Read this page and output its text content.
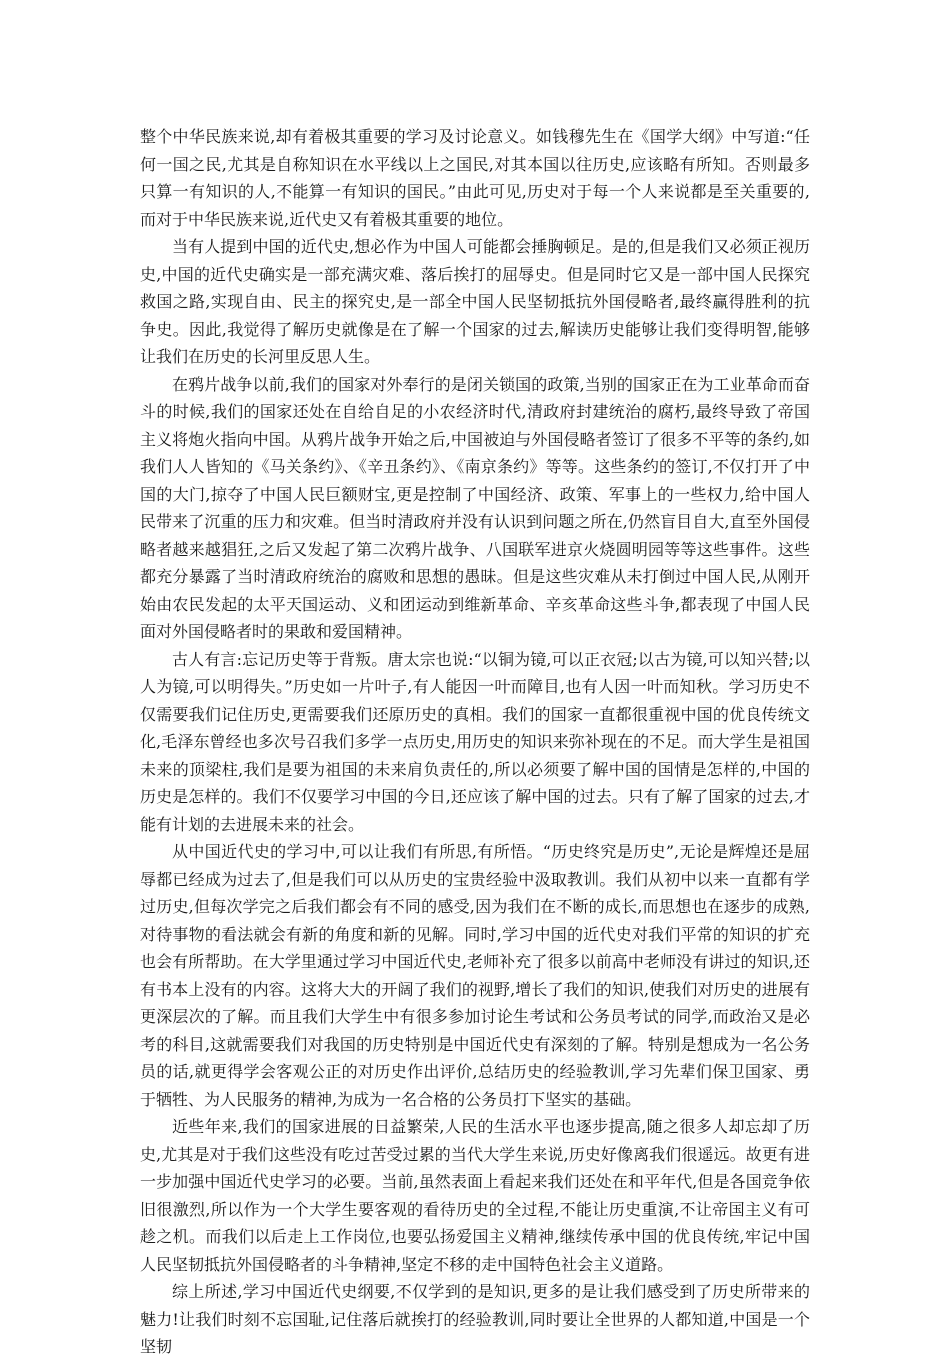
整个中华民族来说,却有着极其重要的学习及讨论意义。如钱穆先生在《国学大纲》中写道:“任何一国之民,尤其是自称知识在水平线以上之国民,对其本国以往历史,应该略有所知。否则最多只算一有知识的人,不能算一有知识的国民。”由此可见,历史对于每一个人来说都是至关重要的,而对于中华民族来说,近代史又有着极其重要的地位。

当有人提到中国的近代史,想必作为中国人可能都会捶胸顿足。是的,但是我们又必须正视历史,中国的近代史确实是一部充满灾难、落后挨打的屈辱史。但是同时它又是一部中国人民探究救国之路,实现自由、民主的探究史,是一部全中国人民坚韧抵抗外国侵略者,最终赢得胜利的抗争史。因此,我觉得了解历史就像是在了解一个国家的过去,解读历史能够让我们变得明智,能够让我们在历史的长河里反思人生。

在鸦片战争以前,我们的国家对外奉行的是闭关锁国的政策,当别的国家正在为工业革命而奋斗的时候,我们的国家还处在自给自足的小农经济时代,清政府封建统治的腐朽,最终导致了帝国主义将炮火指向中国。从鸦片战争开始之后,中国被迫与外国侵略者签订了很多不平等的条约,如我们人人皆知的《马关条约》、《辛丑条约》、《南京条约》等等。这些条约的签订,不仅打开了中国的大门,掠夺了中国人民巨额财宝,更是控制了中国经济、政策、军事上的一些权力,给中国人民带来了沉重的压力和灾难。但当时清政府并没有认识到问题之所在,仍然盲目自大,直至外国侵略者越来越猖狂,之后又发起了第二次鸦片战争、八国联军进京火烧圆明园等等这些事件。这些都充分暴露了当时清政府统治的腐败和思想的愚昧。但是这些灾难从未打倒过中国人民,从刚开始由农民发起的太平天国运动、义和团运动到维新革命、辛亥革命这些斗争,都表现了中国人民面对外国侵略者时的果敢和爱国精神。

古人有言:忘记历史等于背叛。唐太宗也说:“以铜为镜,可以正衣冠;以古为镜,可以知兴替;以人为镜,可以明得失。”历史如一片叶子,有人能因一叶而障目,也有人因一叶而知秋。学习历史不仅需要我们记住历史,更需要我们还原历史的真相。我们的国家一直都很重视中国的优良传统文化,毛泽东曾经也多次号召我们多学一点历史,用历史的知识来弥补现在的不足。而大学生是祖国未来的顶梁柱,我们是要为祖国的未来肩负责任的,所以必须要了解中国的国情是怎样的,中国的历史是怎样的。我们不仅要学习中国的今日,还应该了解中国的过去。只有了解了国家的过去,才能有计划的去进展未来的社会。

从中国近代史的学习中,可以让我们有所思,有所悟。“历史终究是历史”,无论是辉煌还是屈辱都已经成为过去了,但是我们可以从历史的宝贵经验中汲取教训。我们从初中以来一直都有学过历史,但每次学完之后我们都会有不同的感受,因为我们在不断的成长,而思想也在逐步的成熟,对待事物的看法就会有新的角度和新的见解。同时,学习中国的近代史对我们平常的知识的扩充也会有所帮助。在大学里通过学习中国近代史,老师补充了很多以前高中老师没有讲过的知识,还有书本上没有的内容。这将大大的开阔了我们的视野,增长了我们的知识,使我们对历史的进展有更深层次的了解。而且我们大学生中有很多参加讨论生考试和公务员考试的同学,而政治又是必考的科目,这就需要我们对我国的历史特别是中国近代史有深刻的了解。特别是想成为一名公务员的话,就更得学会客观公正的对历史作出评价,总结历史的经验教训,学习先辈们保卫国家、勇于牺牲、为人民服务的精神,为成为一名合格的公务员打下坚实的基础。

近些年来,我们的国家进展的日益繁荣,人民的生活水平也逐步提高,随之很多人却忘却了历史,尤其是对于我们这些没有吃过苦受过累的当代大学生来说,历史好像离我们很遥远。故更有进一步加强中国近代史学习的必要。当前,虽然表面上看起来我们还处在和平年代,但是各国竞争依旧很激烈,所以作为一个大学生要客观的看待历史的全过程,不能让历史重演,不让帝国主义有可趁之机。而我们以后走上工作岗位,也要弘扬爱国主义精神,继续传承中国的优良传统,牢记中国人民坚韧抵抗外国侵略者的斗争精神,坚定不移的走中国特色社会主义道路。

综上所述,学习中国近代史纲要,不仅学到的是知识,更多的是让我们感受到了历史所带来的魅力!让我们时刻不忘国耻,记住落后就挨打的经验教训,同时要让全世界的人都知道,中国是一个坚韧
